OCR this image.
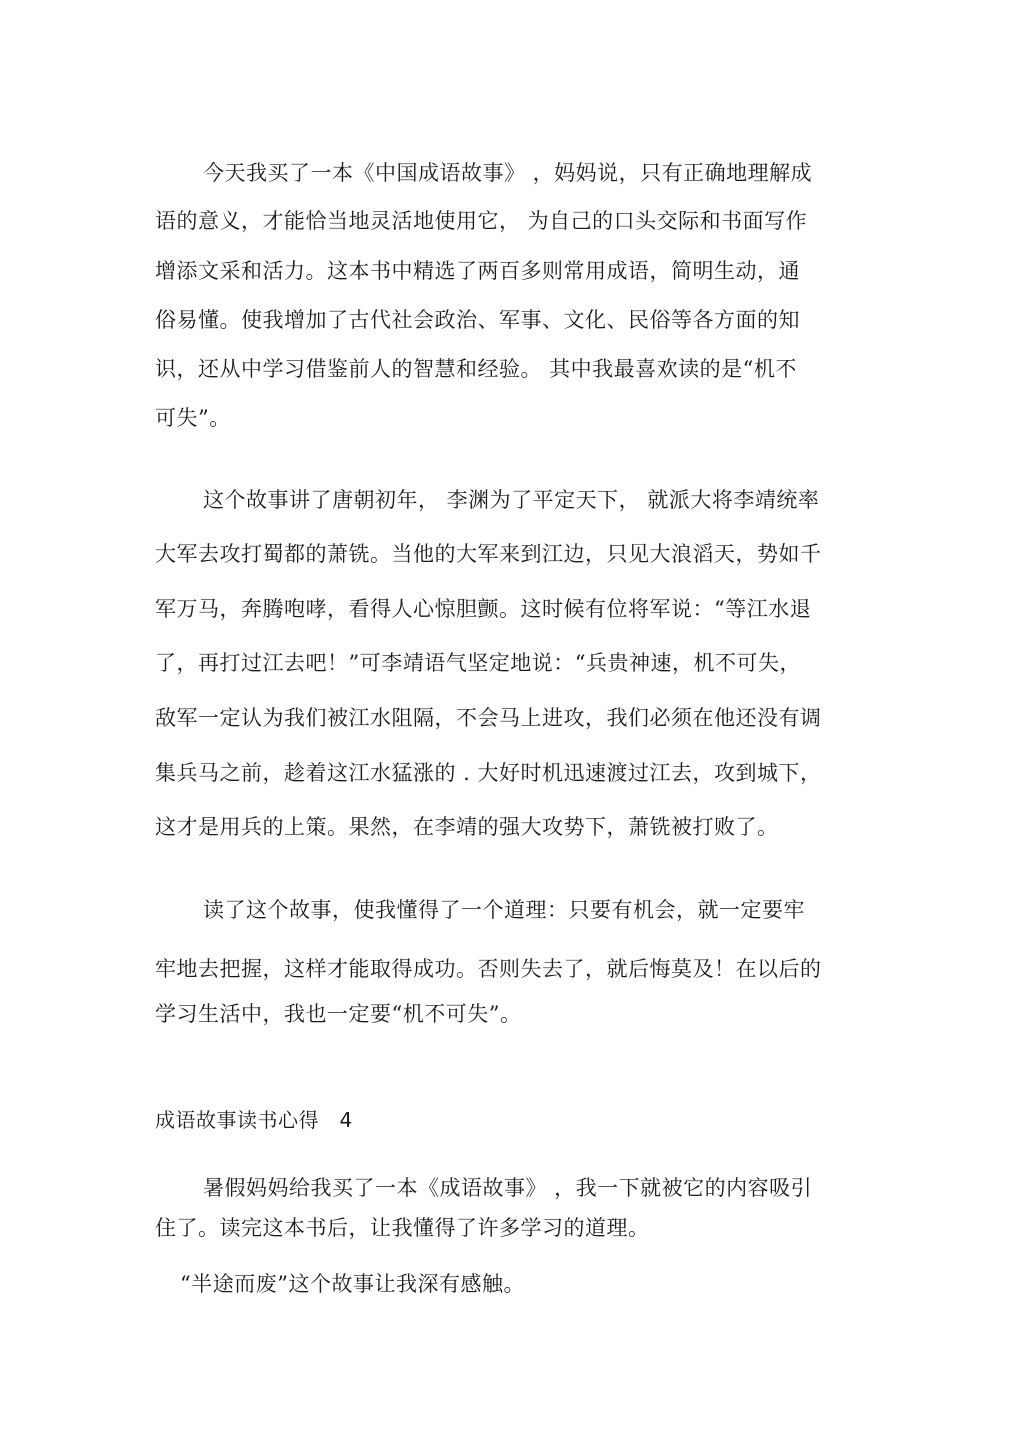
今天我买了一本《中国成语故事》 ，妈妈说，只有正确地理解成
语的意义，才能恰当地灵活地使用它， 为自己的口头交际和书面写作
增添文采和活力。这本书中精选了两百多则常用成语，简明生动，通
俗易懂。使我增加了古代社会政治、军事、文化、民俗等各方面的知
识，还从中学习借鉴前人的智慧和经验。 其中我最喜欢读的是“机不
可失”。
这个故事讲了唐朝初年， 李渊为了平定天下， 就派大将李靖统率
大军去攻打蜀都的萧铣。当他的大军来到江边，只见大浪滔天，势如千
军万马，奔腾咆哮，看得人心惊胆颤。这时候有位将军说：“等江水退
了，再打过江去吧！”可李靖语气坚定地说：“兵贵神速，机不可失，
敌军一定认为我们被江水阻隔，不会马上进攻，我们必须在他还没有调
集兵马之前，趁着这江水猛涨的 . 大好时机迅速渡过江去，攻到城下，
这才是用兵的上策。果然，在李靖的强大攻势下，萧铣被打败了。
读了这个故事，使我懂得了一个道理：只要有机会，就一定要牢
牢地去把握，这样才能取得成功。否则失去了，就后悔莫及！在以后的
学习生活中，我也一定要“机不可失”。
成语故事读书心得　4
暑假妈妈给我买了一本《成语故事》 ，我一下就被它的内容吸引
住了。读完这本书后，让我懂得了许多学习的道理。
“半途而废”这个故事让我深有感触。
